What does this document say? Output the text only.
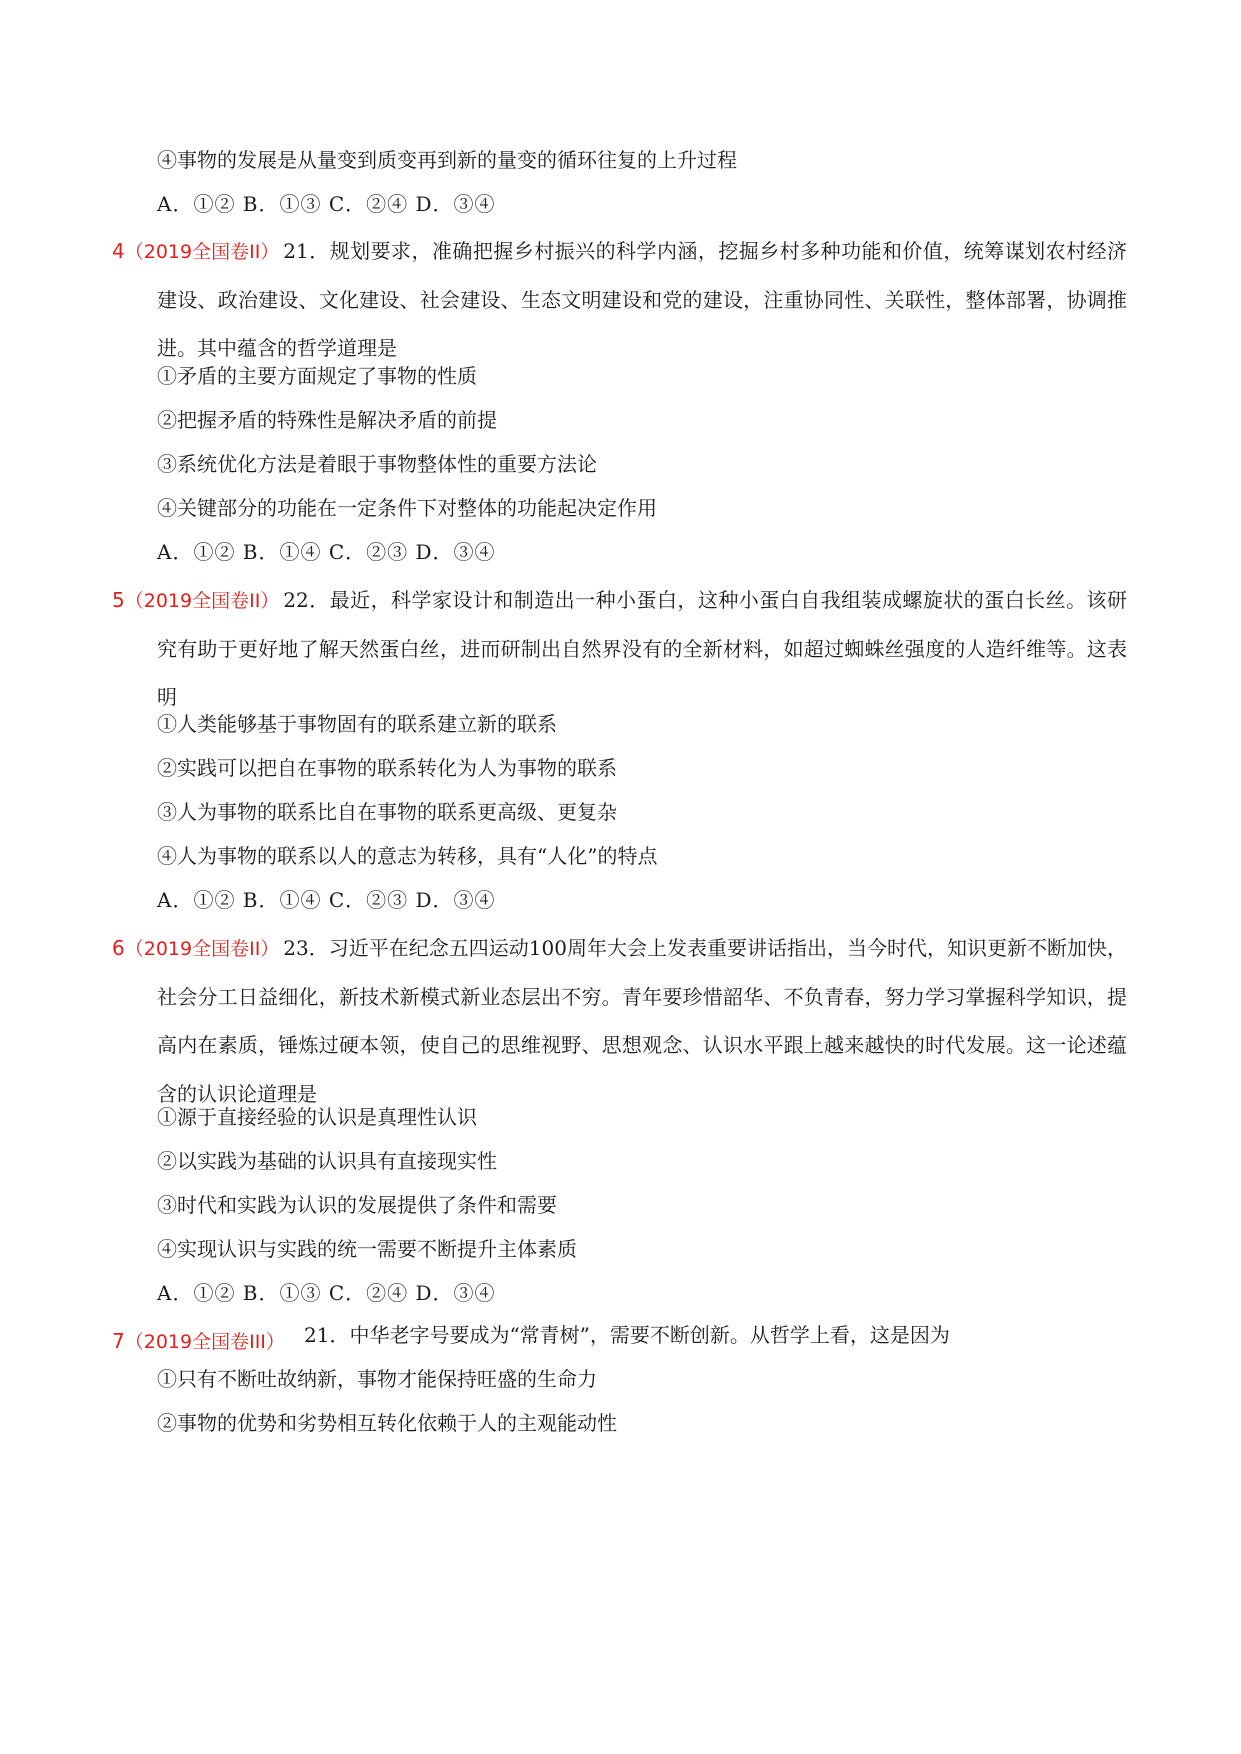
④事物的发展是从量变到质变再到新的量变的循环往复的上升过程
A．①② B．①③ C．②④ D．③④
4（2019全国卷II） 21．规划要求，准确把握乡村振兴的科学内涵，挖掘乡村多种功能和价值，统筹谋划农村经济建设、政治建设、文化建设、社会建设、生态文明建设和党的建设，注重协同性、关联性，整体部署，协调推进。其中蕴含的哲学道理是
①矛盾的主要方面规定了事物的性质
②把握矛盾的特殊性是解决矛盾的前提
③系统优化方法是着眼于事物整体性的重要方法论
④关键部分的功能在一定条件下对整体的功能起决定作用
A．①② B．①④ C．②③ D．③④
5（2019全国卷II） 22．最近，科学家设计和制造出一种小蛋白，这种小蛋白自我组装成螺旋状的蛋白长丝。该研究有助于更好地了解天然蛋白丝，进而研制出自然界没有的全新材料，如超过蜘蛛丝强度的人造纤维等。这表明
①人类能够基于事物固有的联系建立新的联系
②实践可以把自在事物的联系转化为人为事物的联系
③人为事物的联系比自在事物的联系更高级、更复杂
④人为事物的联系以人的意志为转移，具有“人化”的特点
A．①② B．①④ C．②③ D．③④
6（2019全国卷II） 23．习近平在纪念五四运动100周年大会上发表重要讲话指出，当今时代，知识更新不断加快，社会分工日益细化，新技术新模式新业态层出不穷。青年要珍惜韶华、不负青春，努力学习掌握科学知识，提高内在素质，锤炼过硬本领，使自己的思维视野、思想观念、认识水平跟上越来越快的时代发展。这一论述蕴含的认识论道理是
①源于直接经验的认识是真理性认识
②以实践为基础的认识具有直接现实性
③时代和实践为认识的发展提供了条件和需要
④实现认识与实践的统一需要不断提升主体素质
A．①② B．①③ C．②④ D．③④
7（2019全国卷III） 21．中华老字号要成为“常青树”，需要不断创新。从哲学上看，这是因为
①只有不断吐故纳新，事物才能保持旺盛的生命力
②事物的优势和劣势相互转化依赖于人的主观能动性
